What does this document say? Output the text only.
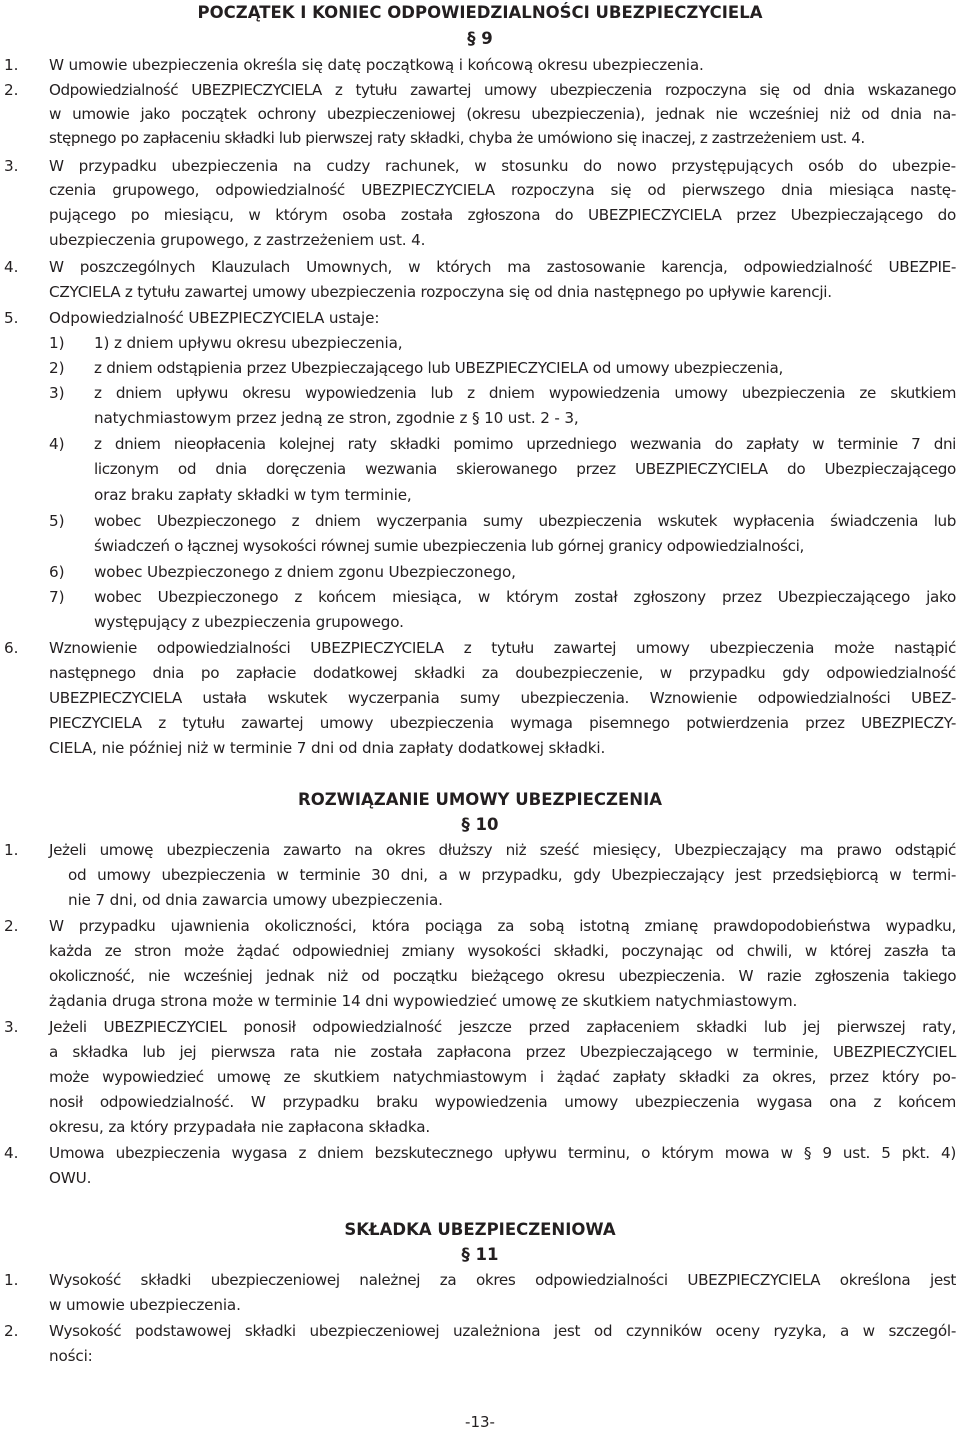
POCZĄTEK I KONIEC ODPOWIEDZIALNOŚCI UBEZPIECZYCIELA
§ 9
1. W umowie ubezpieczenia określa się datę początkową i końcową okresu ubezpieczenia.
2. Odpowiedzialność UBEZPIECZYCIELA z tytułu zawartej umowy ubezpieczenia rozpoczyna się od dnia wskazanego
w umowie jako początek ochrony ubezpieczeniowej (okresu ubezpieczenia), jednak nie wcześniej niż od dnia na-
stępnego po zapłaceniu składki lub pierwszej raty składki, chyba że umówiono się inaczej, z zastrzeżeniem ust. 4.
3. W przypadku ubezpieczenia na cudzy rachunek, w stosunku do nowo przystępujących osób do ubezpie-
czenia grupowego, odpowiedzialność UBEZPIECZYCIELA rozpoczyna się od pierwszego dnia miesiąca nastę-
pującego po miesiącu, w którym osoba została zgłoszona do UBEZPIECZYCIELA przez Ubezpieczającego do
ubezpieczenia grupowego, z zastrzeżeniem ust. 4.
4. W poszczególnych Klauzulach Umownych, w których ma zastosowanie karencja, odpowiedzialność UBEZPIE-
CZYCIELA z tytułu zawartej umowy ubezpieczenia rozpoczyna się od dnia następnego po upływie karencji.
5. Odpowiedzialność UBEZPIECZYCIELA ustaje:
1) 1) z dniem upływu okresu ubezpieczenia,
2) z dniem odstąpienia przez Ubezpieczającego lub UBEZPIECZYCIELA od umowy ubezpieczenia,
3) z dniem upływu okresu wypowiedzenia lub z dniem wypowiedzenia umowy ubezpieczenia ze skutkiem
natychmiastowym przez jedną ze stron, zgodnie z § 10 ust. 2 - 3,
4) z dniem nieopłacenia kolejnej raty składki pomimo uprzedniego wezwania do zapłaty w terminie 7 dni
liczonym od dnia doręczenia wezwania skierowanego przez UBEZPIECZYCIELA do Ubezpieczającego
oraz braku zapłaty składki w tym terminie,
5) wobec Ubezpieczonego z dniem wyczerpania sumy ubezpieczenia wskutek wypłacenia świadczenia lub
świadczeń o łącznej wysokości równej sumie ubezpieczenia lub górnej granicy odpowiedzialności,
6) wobec Ubezpieczonego z dniem zgonu Ubezpieczonego,
7) wobec Ubezpieczonego z końcem miesiąca, w którym został zgłoszony przez Ubezpieczającego jako
występujący z ubezpieczenia grupowego.
6. Wznowienie odpowiedzialności UBEZPIECZYCIELA z tytułu zawartej umowy ubezpieczenia może nastąpić
następnego dnia po zapłacie dodatkowej składki za doubezpieczenie, w przypadku gdy odpowiedzialność
UBEZPIECZYCIELA ustała wskutek wyczerpania sumy ubezpieczenia. Wznowienie odpowiedzialności UBEZ-
PIECZYCIELA z tytułu zawartej umowy ubezpieczenia wymaga pisemnego potwierdzenia przez UBEZPIECZY-
CIELA, nie później niż w terminie 7 dni od dnia zapłaty dodatkowej składki.
ROZWIĄZANIE UMOWY UBEZPIECZENIA
§ 10
1. Jeżeli umowę ubezpieczenia zawarto na okres dłuższy niż sześć miesięcy, Ubezpieczający ma prawo odstąpić
od umowy ubezpieczenia w terminie 30 dni, a w przypadku, gdy Ubezpieczający jest przedsiębiorcą w termi-
nie 7 dni, od dnia zawarcia umowy ubezpieczenia.
2. W przypadku ujawnienia okoliczności, która pociąga za sobą istotną zmianę prawdopodobieństwa wypadku,
każda ze stron może żądać odpowiedniej zmiany wysokości składki, poczynając od chwili, w której zaszła ta
okoliczność, nie wcześniej jednak niż od początku bieżącego okresu ubezpieczenia. W razie zgłoszenia takiego
żądania druga strona może w terminie 14 dni wypowiedzieć umowę ze skutkiem natychmiastowym.
3. Jeżeli UBEZPIECZYCIEL ponosił odpowiedzialność jeszcze przed zapłaceniem składki lub jej pierwszej raty,
a składka lub jej pierwsza rata nie została zapłacona przez Ubezpieczającego w terminie, UBEZPIECZYCIEL
może wypowiedzieć umowę ze skutkiem natychmiastowym i żądać zapłaty składki za okres, przez który po-
nosił odpowiedzialność. W przypadku braku wypowiedzenia umowy ubezpieczenia wygasa ona z końcem
okresu, za który przypadała nie zapłacona składka.
4. Umowa ubezpieczenia wygasa z dniem bezskutecznego upływu terminu, o którym mowa w § 9 ust. 5 pkt. 4)
OWU.
SKŁADKA UBEZPIECZENIOWA
§ 11
1. Wysokość składki ubezpieczeniowej należnej za okres odpowiedzialności UBEZPIECZYCIELA określona jest
w umowie ubezpieczenia.
2. Wysokość podstawowej składki ubezpieczeniowej uzależniona jest od czynników oceny ryzyka, a w szczegól-
ności:
-13-
